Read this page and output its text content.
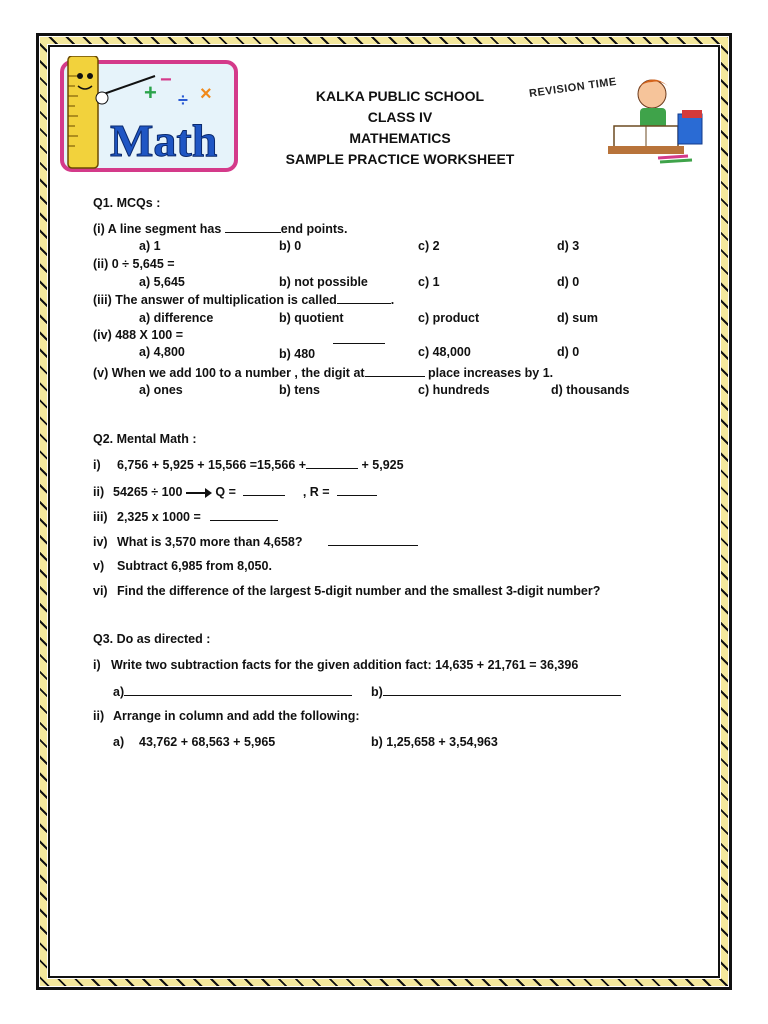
+ −
÷ ×
Math
KALKA PUBLIC SCHOOL
CLASS IV
MATHEMATICS
SAMPLE PRACTICE WORKSHEET
REVISION TIME
Q1. MCQs :
(i) A line segment has	end points.
a) 1	b) 0	c) 2	d) 3
(ii) 0 ÷ 5,645 =
a) 5,645	b) not possible	c) 1	d) 0
(iii) The answer of multiplication is called	.
a) difference	b) quotient	c) product	d) sum
(iv) 488 X 100 =
a) 4,800	b) 480	c) 48,000	d) 0
(v) When we add 100 to a number , the digit at	place increases by 1.
a) ones	b) tens	c) hundreds	d) thousands
Q2. Mental Math :
i) 6,756 + 5,925 + 15,566 =15,566 +	+ 5,925
ii) 54265 ÷ 100	Q =	, R =
iii) 2,325 x 1000 =
iv) What is 3,570 more than 4,658?
v) Subtract 6,985 from 8,050.
vi) Find the difference of the largest 5-digit number and the smallest 3-digit number?
Q3. Do as directed :
i) Write two subtraction facts for the given addition fact: 14,635 + 21,761 = 36,396
a)	b)
ii) Arrange in column and add the following:
a) 43,762 + 68,563 + 5,965	b) 1,25,658 + 3,54,963
